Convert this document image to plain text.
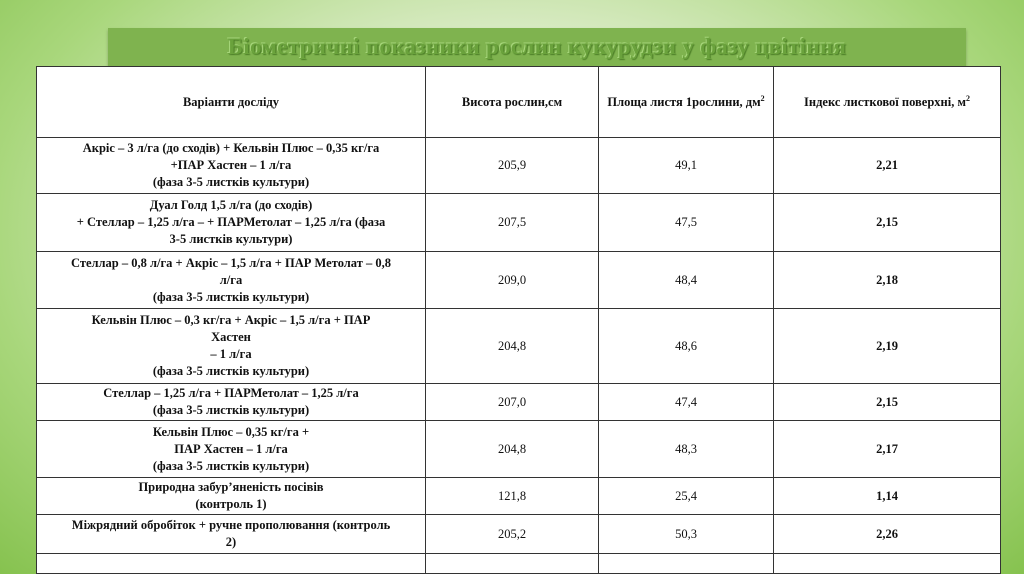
Біометричні показники рослин кукурудзи у фазу цвітіння
Варіанти досліду	Висота рослин,см	Площа листя 1рослини, $дм^2$	Індекс листкової поверхні, $м^2$

Акріс – 3 л/га (до сходів) + Кельвін Плюс – 0,35 кг/га
+ПАР Хастен – 1 л/га
(фаза 3-5 листків культури)	205,9	49,1	2,21

Дуал Голд 1,5 л/га (до сходів)
+ Стеллар – 1,25 л/га – + ПАРМетолат – 1,25 л/га (фаза
3-5 листків культури)	207,5	47,5	2,15

Стеллар – 0,8 л/га + Акріс – 1,5 л/га + ПАР Метолат – 0,8
л/га
(фаза 3-5 листків культури)	209,0	48,4	2,18

Кельвін Плюс – 0,3 кг/га + Акріс – 1,5 л/га + ПАР
Хастен
– 1 л/га
(фаза 3-5 листків культури)	204,8	48,6	2,19

Стеллар – 1,25 л/га + ПАРМетолат – 1,25 л/га
(фаза 3-5 листків культури)	207,0	47,4	2,15

Кельвін Плюс – 0,35 кг/га +
ПАР Хастен – 1 л/га
(фаза 3-5 листків культури)	204,8	48,3	2,17

Природна забур’яненість посівів
(контроль 1)	121,8	25,4	1,14

Міжрядний обробіток + ручне прополювання (контроль
2)	205,2	50,3	2,26
